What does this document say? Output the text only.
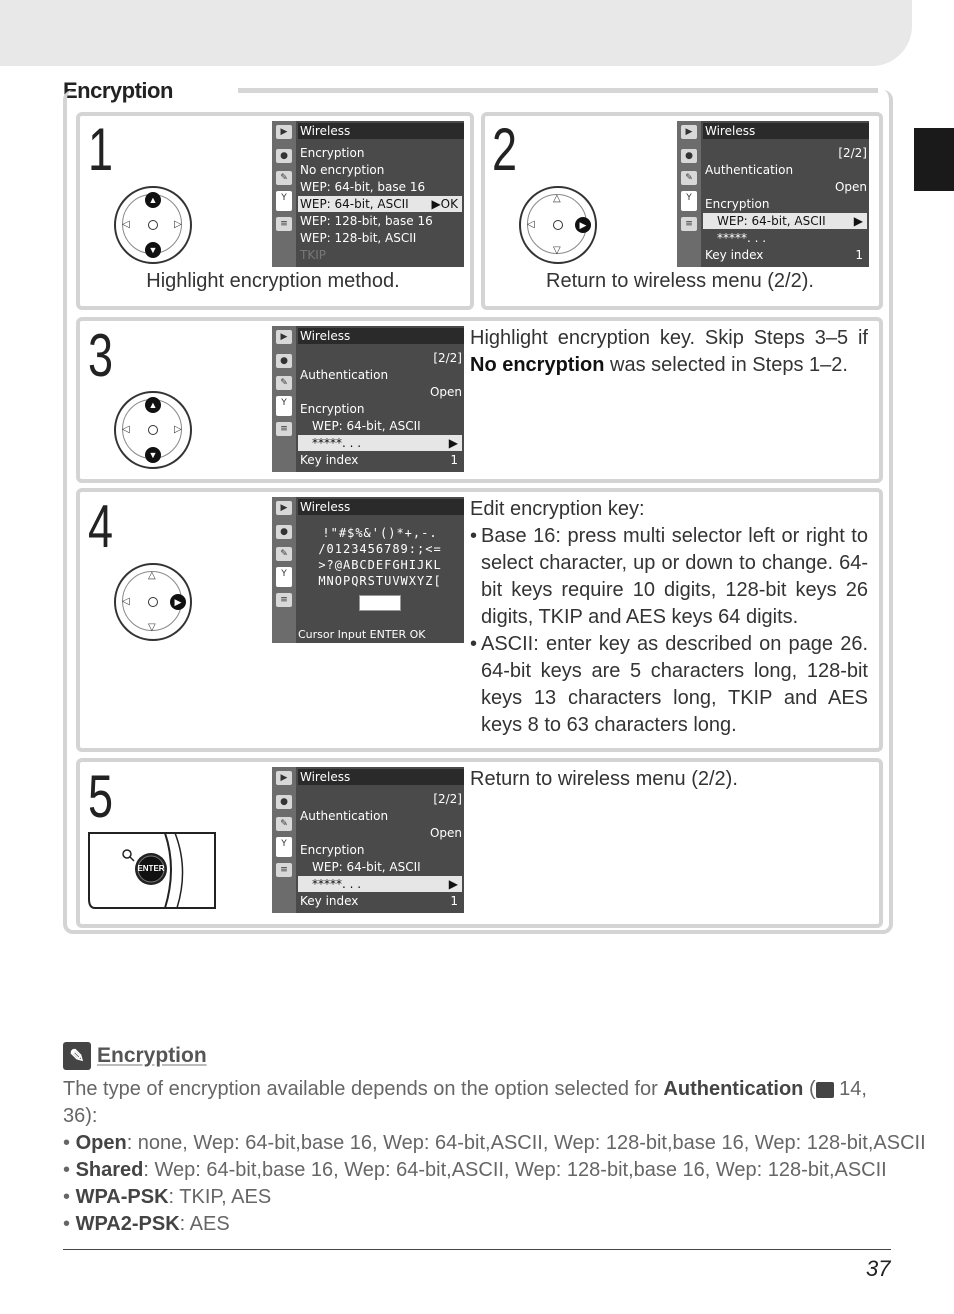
Encryption
1
▲
▼
◁	▷
▶
●
✎
Y
≡
Wireless
Encryption
No encryption
WEP: 64-bit, base 16
WEP: 64-bit, ASCII ▶OK
WEP: 128-bit, base 16
WEP: 128-bit, ASCII
TKIP
Highlight encryption method.
2
△
▽
◁	▶
▶
●
✎
Y
≡
Wireless
[2/2]
Authentication
Open
Encryption
WEP: 64-bit, ASCII ▶
*****. . .
Key index	1
Return to wireless menu (2/2).
3
▲
▼
◁	▷
▶
●
✎
Y
≡
Wireless
[2/2]
Authentication
Open
Encryption
WEP: 64-bit, ASCII
*****. . .	▶
Key index	1
Highlight encryption key. Skip Steps 3–5 if No encryption was selected in Steps 1–2.
4
△
▽
◁	▶
▶
●
✎
Y
≡
Wireless
!"#$%&'()*+,-.
/0123456789:;<=
>?@ABCDEFGHIJKL
MNOPQRSTUVWXYZ[
Cursor Input ENTER OK
Edit encryption key:
• Base 16: press multi selector left or right to select character, up or down to change. 64-bit keys require 10 digits, 128-bit keys 26 digits, TKIP and AES keys 64 digits.
• ASCII: enter key as described on page 26. 64-bit keys are 5 characters long, 128-bit keys 13 characters long, TKIP and AES keys 8 to 63 characters long.
5
ENTER
▶
●
✎
Y
≡
Wireless
[2/2]
Authentication
Open
Encryption
WEP: 64-bit, ASCII
*****. . .	▶
Key index	1
Return to wireless menu (2/2).
✎ Encryption
The type of encryption available depends on the option selected for Authentication ( 14, 36):
• Open: none, Wep: 64-bit,base 16, Wep: 64-bit,ASCII, Wep: 128-bit,base 16, Wep: 128-bit,ASCII
• Shared: Wep: 64-bit,base 16, Wep: 64-bit,ASCII, Wep: 128-bit,base 16, Wep: 128-bit,ASCII
• WPA-PSK: TKIP, AES
• WPA2-PSK: AES
37
